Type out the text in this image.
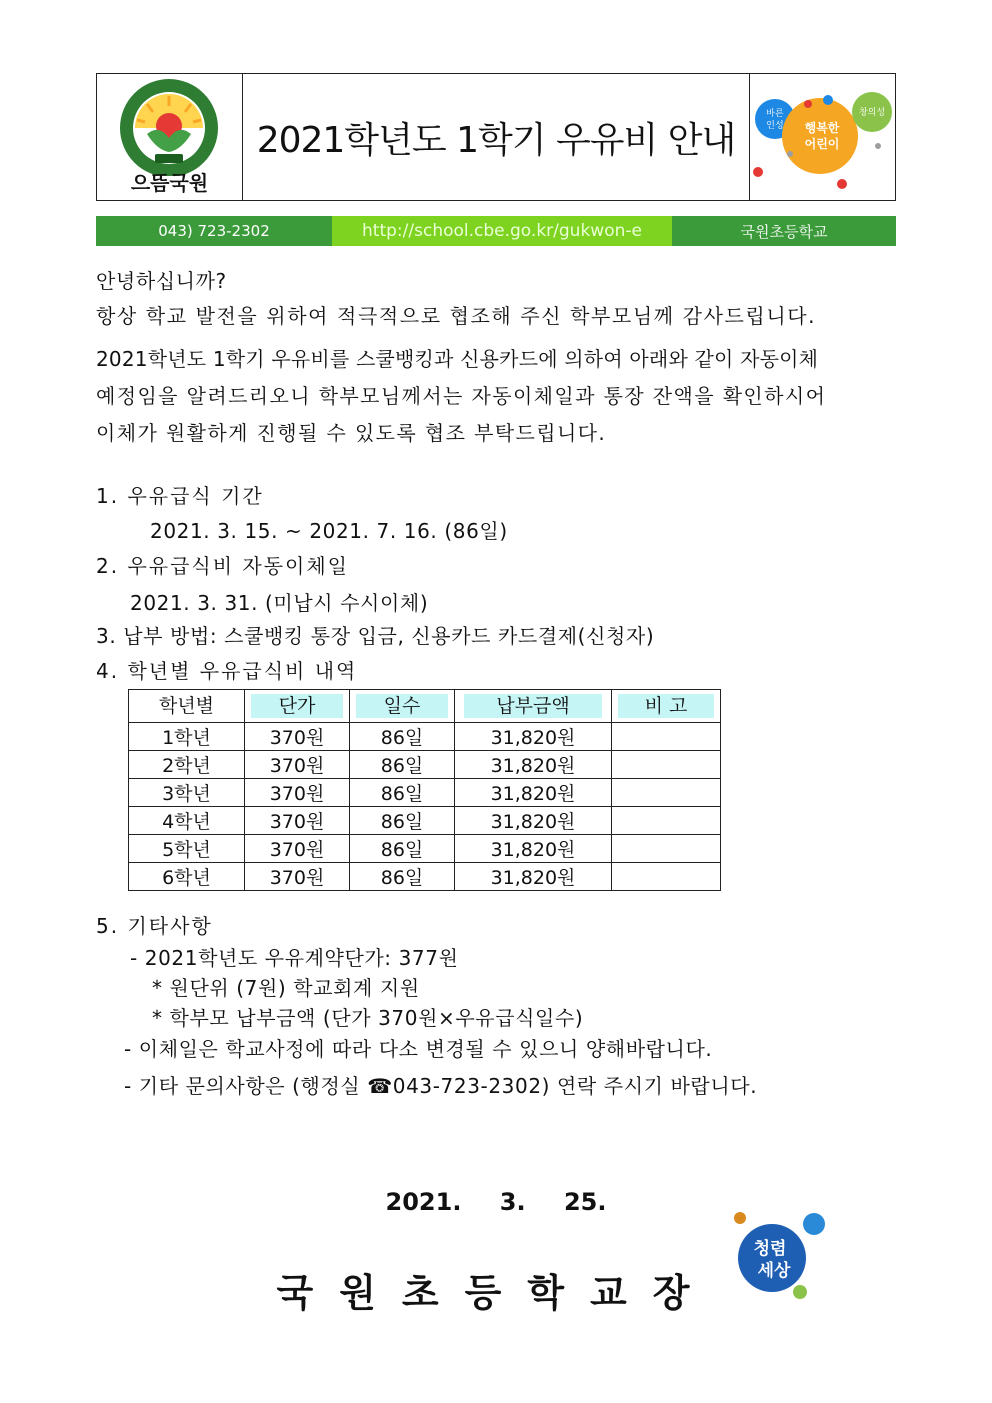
으뜸국원
2021학년도 1학기 우유비 안내
바른
인성 행복한
어린이
창의성
043) 723-2302	http://school.cbe.go.kr/gukwon-e	국원초등학교
안녕하십니까?
항상 학교 발전을 위하여 적극적으로 협조해 주신 학부모님께 감사드립니다.
2021학년도 1학기 우유비를 스쿨뱅킹과 신용카드에 의하여 아래와 같이 자동이체
예정임을 알려드리오니 학부모님께서는 자동이체일과 통장 잔액을 확인하시어
이체가 원활하게 진행될 수 있도록 협조 부탁드립니다.
1. 우유급식 기간
2021. 3. 15. ~ 2021. 7. 16. (86일)
2. 우유급식비 자동이체일
2021. 3. 31. (미납시 수시이체)
3. 납부 방법: 스쿨뱅킹 통장 입금, 신용카드 카드결제(신청자)
4. 학년별 우유급식비 내역
학년별	단가	일수	납부금액	비 고
1학년	370원	86일	31,820원	
2학년	370원	86일	31,820원	
3학년	370원	86일	31,820원	
4학년	370원	86일	31,820원	
5학년	370원	86일	31,820원	
6학년	370원	86일	31,820원	
5. 기타사항
- 2021학년도 우유계약단가: 377원
* 원단위 (7원) 학교회계 지원
* 학부모 납부금액 (단가 370원×우유급식일수)
- 이체일은 학교사정에 따라 다소 변경될 수 있으니 양해바랍니다.
- 기타 문의사항은 (행정실 ☎043-723-2302) 연락 주시기 바랍니다.
2021. 3. 25.
국원초등학교장
청렴
세상
